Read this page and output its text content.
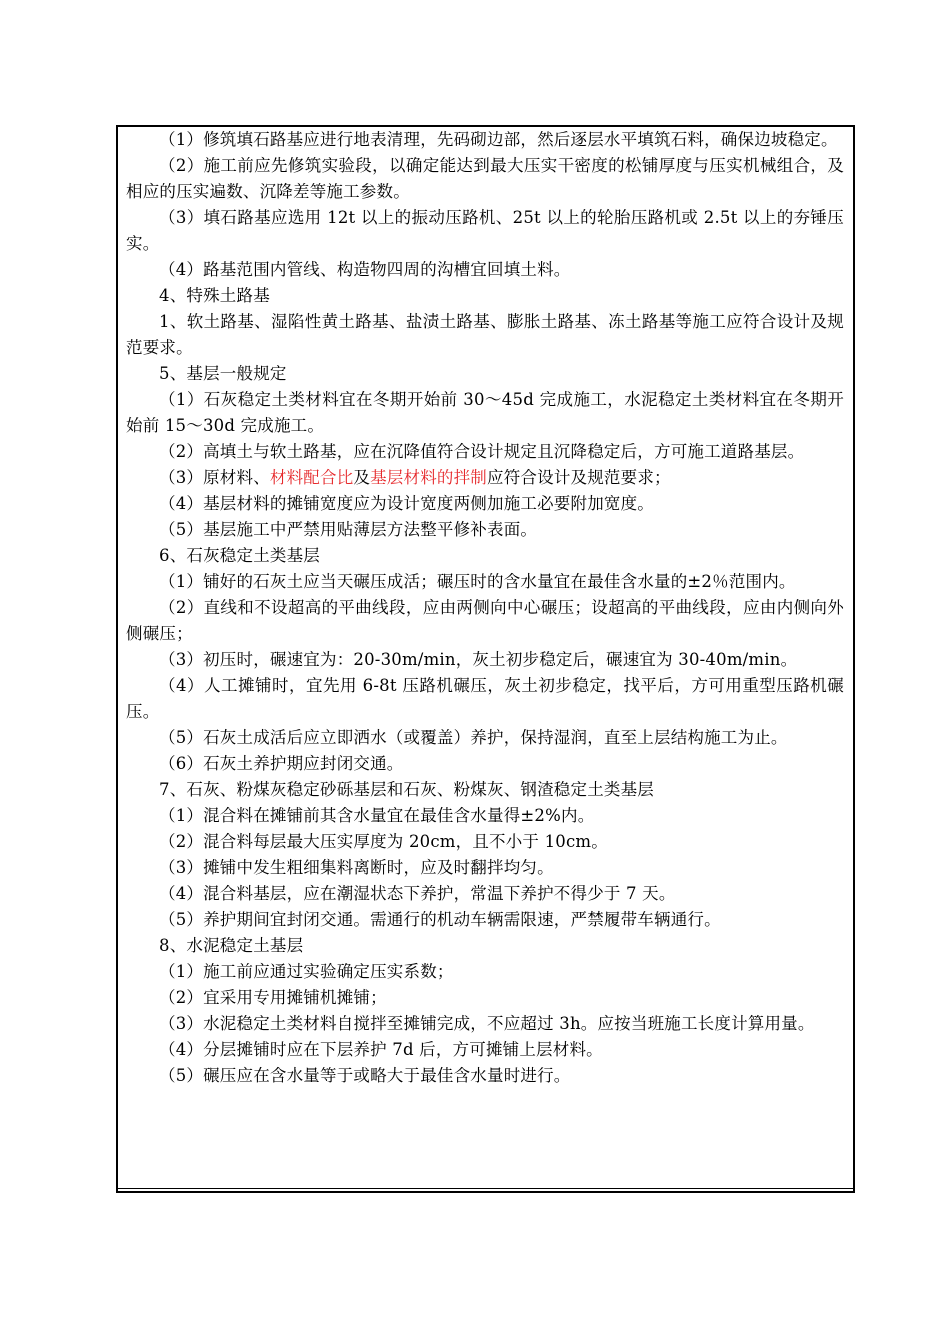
（1）修筑填石路基应进行地表清理，先码砌边部，然后逐层水平填筑石料，确保边坡稳定。

（2）施工前应先修筑实验段，以确定能达到最大压实干密度的松铺厚度与压实机械组合，及相应的压实遍数、沉降差等施工参数。

（3）填石路基应选用 12t 以上的振动压路机、25t 以上的轮胎压路机或 2.5t 以上的夯锤压实。

（4）路基范围内管线、构造物四周的沟槽宜回填土料。

4、特殊土路基

1、软土路基、湿陷性黄土路基、盐渍土路基、膨胀土路基、冻土路基等施工应符合设计及规范要求。

5、基层一般规定

（1）石灰稳定土类材料宜在冬期开始前 30～45d 完成施工，水泥稳定土类材料宜在冬期开始前 15～30d 完成施工。

（2）高填土与软土路基，应在沉降值符合设计规定且沉降稳定后，方可施工道路基层。

（3）原材料、材料配合比及基层材料的拌制应符合设计及规范要求；

（4）基层材料的摊铺宽度应为设计宽度两侧加施工必要附加宽度。

（5）基层施工中严禁用贴薄层方法整平修补表面。

6、石灰稳定土类基层

（1）铺好的石灰土应当天碾压成活；碾压时的含水量宜在最佳含水量的±2％范围内。

（2）直线和不设超高的平曲线段，应由两侧向中心碾压；设超高的平曲线段，应由内侧向外侧碾压；

（3）初压时，碾速宜为：20-30m/min，灰土初步稳定后，碾速宜为 30-40m/min。

（4）人工摊铺时，宜先用 6-8t 压路机碾压，灰土初步稳定，找平后，方可用重型压路机碾压。

（5）石灰土成活后应立即洒水（或覆盖）养护，保持湿润，直至上层结构施工为止。

（6）石灰土养护期应封闭交通。

7、石灰、粉煤灰稳定砂砾基层和石灰、粉煤灰、钢渣稳定土类基层

（1）混合料在摊铺前其含水量宜在最佳含水量得±2%内。

（2）混合料每层最大压实厚度为 20cm，且不小于 10cm。

（3）摊铺中发生粗细集料离断时，应及时翻拌均匀。

（4）混合料基层，应在潮湿状态下养护，常温下养护不得少于 7 天。

（5）养护期间宜封闭交通。需通行的机动车辆需限速，严禁履带车辆通行。

8、水泥稳定土基层

（1）施工前应通过实验确定压实系数；

（2）宜采用专用摊铺机摊铺；

（3）水泥稳定土类材料自搅拌至摊铺完成，不应超过 3h。应按当班施工长度计算用量。

（4）分层摊铺时应在下层养护 7d 后，方可摊铺上层材料。

（5）碾压应在含水量等于或略大于最佳含水量时进行。
